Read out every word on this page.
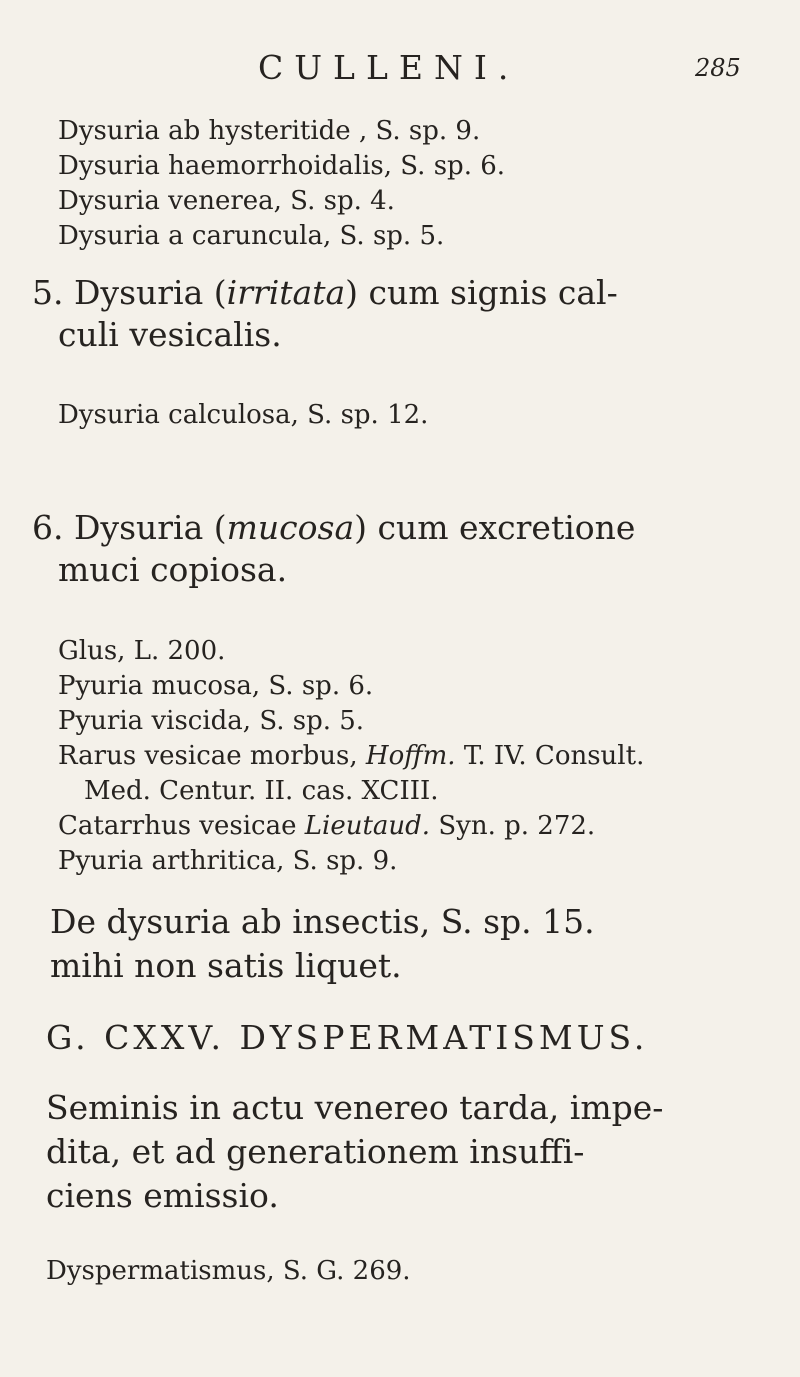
CULLENI.	285
Dysuria ab hysteritide , S. sp. 9.
Dysuria haemorrhoidalis, S. sp. 6.
Dysuria venerea, S. sp. 4.
Dysuria a caruncula, S. sp. 5.
5. Dysuria (irritata) cum signis cal-
culi vesicalis.
Dysuria calculosa, S. sp. 12.
6. Dysuria (mucosa) cum excretione
muci copiosa.
Glus, L. 200.
Pyuria mucosa, S. sp. 6.
Pyuria viscida, S. sp. 5.
Rarus vesicae morbus, Hoffm. T. IV. Consult.
Med. Centur. II. cas. XCIII.
Catarrhus vesicae Lieutaud. Syn. p. 272.
Pyuria arthritica, S. sp. 9.
De dysuria ab insectis, S. sp. 15.
mihi non satis liquet.
G. CXXV. DYSPERMATISMUS.
Seminis in actu venereo tarda, impe-
dita, et ad generationem insuffi-
ciens emissio.
Dyspermatismus, S. G. 269.
